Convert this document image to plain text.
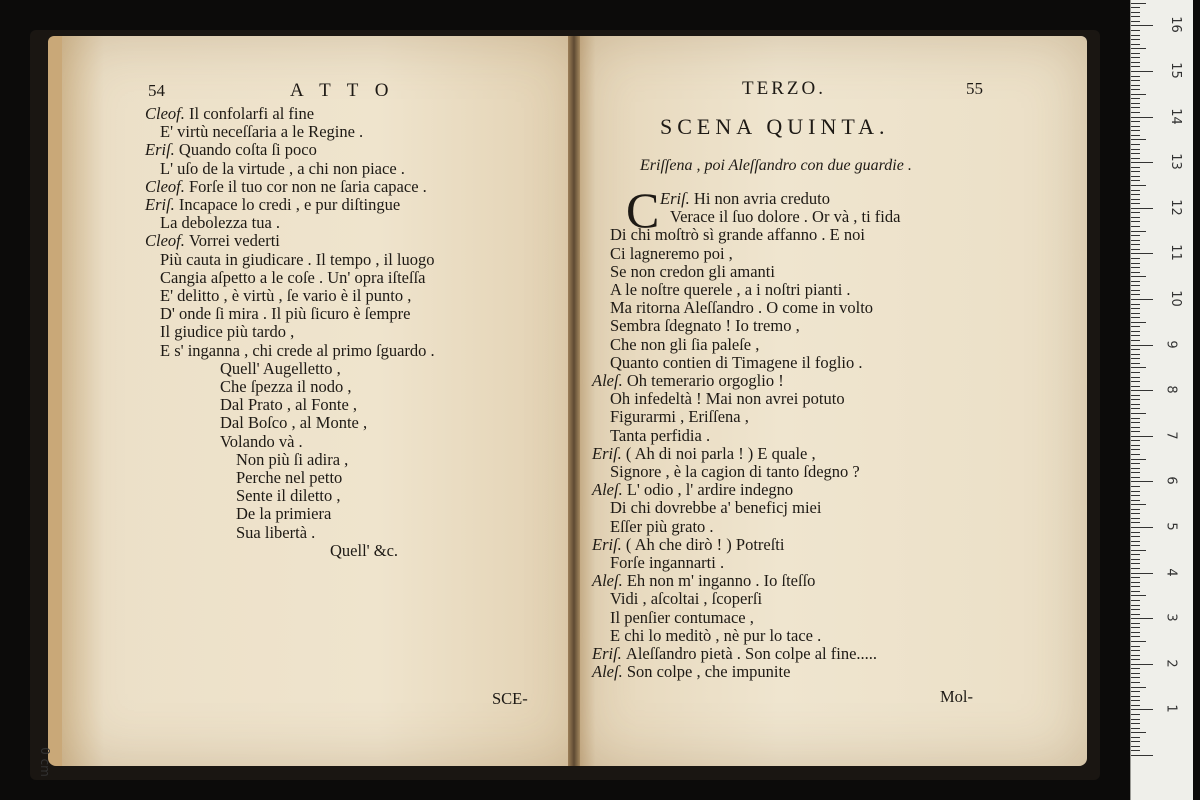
54	A T T O
Cleof. Il confolarfi al fine
E' virtù neceſſaria a le Regine .
Eriſ. Quando coſta ſi poco
L' uſo de la virtude , a chi non piace .
Cleof. Forſe il tuo cor non ne ſaria capace .
Eriſ. Incapace lo credi , e pur diſtingue
La debolezza tua .
Cleof. Vorrei vederti
Più cauta in giudicare . Il tempo , il luogo
Cangia aſpetto a le coſe . Un' opra iſteſſa
E' delitto , è virtù , ſe vario è il punto ,
D' onde ſi mira . Il più ſicuro è ſempre
Il giudice più tardo ,
E s' inganna , chi crede al primo ſguardo .
Quell' Augelletto ,
Che ſpezza il nodo ,
Dal Prato , al Fonte ,
Dal Boſco , al Monte ,
Volando và .
Non più ſi adira ,
Perche nel petto
Sente il diletto ,
De la primiera
Sua libertà .
Quell' &c.
SCE-
TERZO.	55
SCENA QUINTA.
Eriſſena , poi Aleſſandro con due guardie .
C Eriſ. Hi non avria creduto
Verace il ſuo dolore . Or và , ti fida
Di chi moſtrò sì grande affanno . E noi
Ci lagneremo poi ,
Se non credon gli amanti
A le noſtre querele , a i noſtri pianti .
Ma ritorna Aleſſandro . O come in volto
Sembra ſdegnato ! Io tremo ,
Che non gli ſia paleſe ,
Quanto contien di Timagene il foglio .
Aleſ. Oh temerario orgoglio !
Oh infedeltà ! Mai non avrei potuto
Figurarmi , Eriſſena ,
Tanta perfidia .
Eriſ. ( Ah di noi parla ! ) E quale ,
Signore , è la cagion di tanto ſdegno ?
Aleſ. L' odio , l' ardire indegno
Di chi dovrebbe a' beneficj miei
Eſſer più grato .
Eriſ. ( Ah che dirò ! ) Potreſti
Forſe ingannarti .
Aleſ. Eh non m' inganno . Io ſteſſo
Vidi , aſcoltai , ſcoperſi
Il penſier contumace ,
E chi lo meditò , nè pur lo tace .
Eriſ. Aleſſandro pietà . Son colpe al fine.....
Aleſ. Son colpe , che impunite
Mol-
1
2
3
4
5
6
7
8
9
10
11
12
13
14
15
16
0 cm
